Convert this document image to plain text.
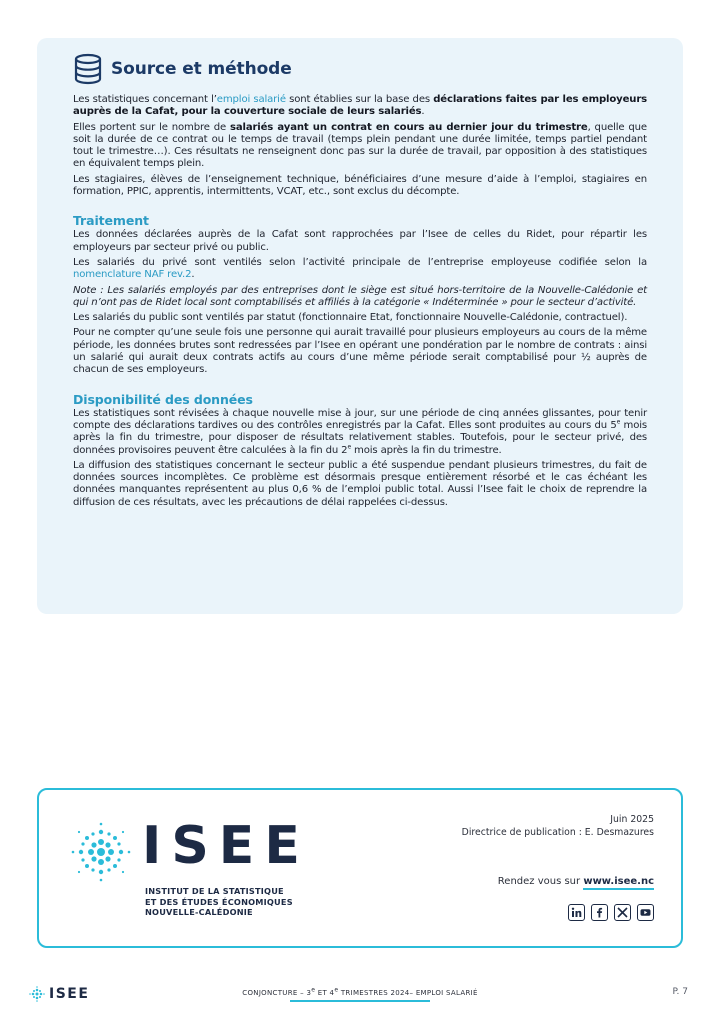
Source et méthode

Les statistiques concernant l’emploi salarié sont établies sur la base des déclarations faites par les employeurs auprès de la Cafat, pour la couverture sociale de leurs salariés.

Elles portent sur le nombre de salariés ayant un contrat en cours au dernier jour du trimestre, quelle que soit la durée de ce contrat ou le temps de travail (temps plein pendant une durée limitée, temps partiel pendant tout le trimestre…). Ces résultats ne renseignent donc pas sur la durée de travail, par opposition à des statistiques en équivalent temps plein.

Les stagiaires, élèves de l’enseignement technique, bénéficiaires d’une mesure d’aide à l’emploi, stagiaires en formation, PPIC, apprentis, intermittents, VCAT, etc., sont exclus du décompte.

Traitement

Les données déclarées auprès de la Cafat sont rapprochées par l’Isee de celles du Ridet, pour répartir les employeurs par secteur privé ou public.

Les salariés du privé sont ventilés selon l’activité principale de l’entreprise employeuse codifiée selon la nomenclature NAF rev.2.

Note : Les salariés employés par des entreprises dont le siège est situé hors-territoire de la Nouvelle-Calédonie et qui n’ont pas de Ridet local sont comptabilisés et affiliés à la catégorie « Indéterminée » pour le secteur d’activité.

Les salariés du public sont ventilés par statut (fonctionnaire Etat, fonctionnaire Nouvelle-Calédonie, contractuel).

Pour ne compter qu’une seule fois une personne qui aurait travaillé pour plusieurs employeurs au cours de la même période, les données brutes sont redressées par l’Isee en opérant une pondération par le nombre de contrats : ainsi un salarié qui aurait deux contrats actifs au cours d’une même période serait comptabilisé pour ½ auprès de chacun de ses employeurs.

Disponibilité des données

Les statistiques sont révisées à chaque nouvelle mise à jour, sur une période de cinq années glissantes, pour tenir compte des déclarations tardives ou des contrôles enregistrés par la Cafat. Elles sont produites au cours du 5e mois après la fin du trimestre, pour disposer de résultats relativement stables. Toutefois, pour le secteur privé, des données provisoires peuvent être calculées à la fin du 2e mois après la fin du trimestre.

La diffusion des statistiques concernant le secteur public a été suspendue pendant plusieurs trimestres, du fait de données sources incomplètes. Ce problème est désormais presque entièrement résorbé et le cas échéant les données manquantes représentent au plus 0,6 % de l’emploi public total. Aussi l’Isee fait le choix de reprendre la diffusion de ces résultats, avec les précautions de délai rappelées ci-dessus.

ISEE
INSTITUT DE LA STATISTIQUE
ET DES ÉTUDES ÉCONOMIQUES
NOUVELLE-CALÉDONIE
Juin 2025
Directrice de publication : E. Desmazures
Rendez vous sur www.isee.nc
ISEE	CONJONCTURE – 3e ET 4e TRIMESTRES 2024– EMPLOI SALARIÉ	P. 7
